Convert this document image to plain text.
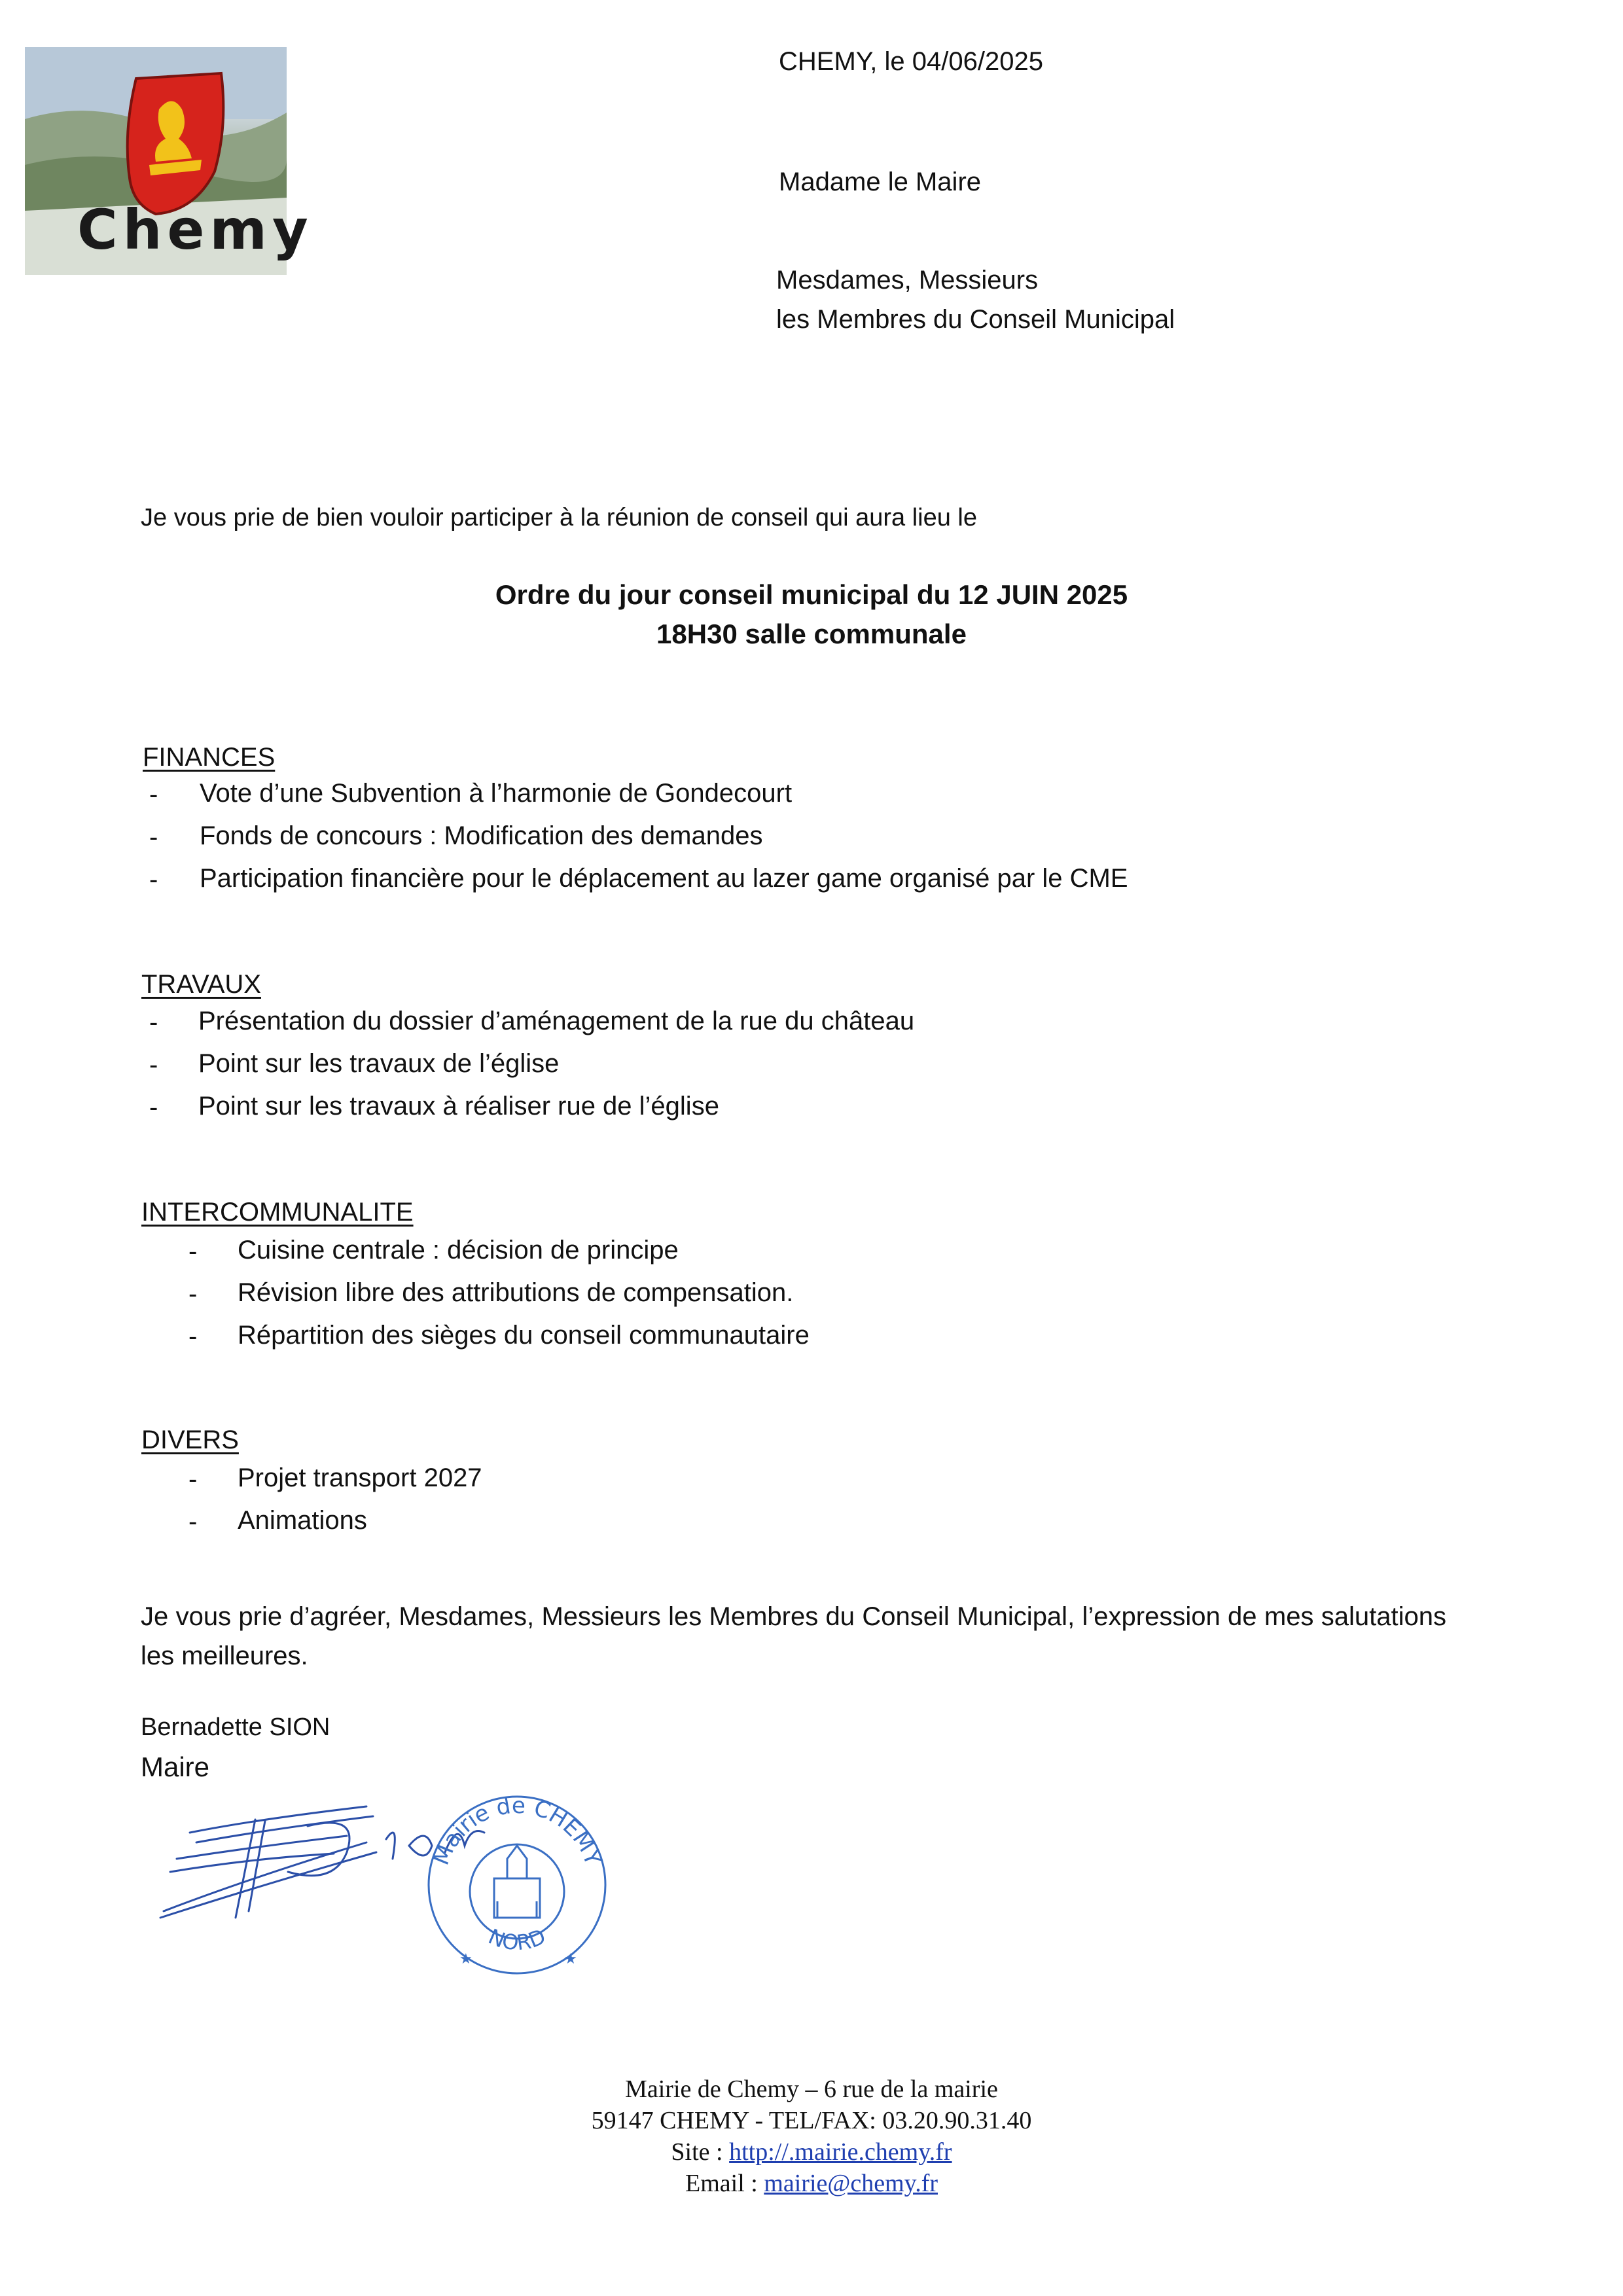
Chemy
CHEMY, le 04/06/2025
Madame le Maire
Mesdames, Messieurs
les Membres du Conseil Municipal
Je vous prie de bien vouloir participer à la réunion de conseil qui aura lieu le
Ordre du jour conseil municipal du 12 JUIN 2025
18H30 salle communale
FINANCES
- Vote d’une Subvention à l’harmonie de Gondecourt
- Fonds de concours : Modification des demandes
- Participation financière pour le déplacement au lazer game organisé par le CME
TRAVAUX
- Présentation du dossier d’aménagement de la rue du château
- Point sur les travaux de l’église
- Point sur les travaux à réaliser rue de l’église
INTERCOMMUNALITE
- Cuisine centrale : décision de principe
- Révision libre des attributions de compensation.
- Répartition des sièges du conseil communautaire
DIVERS
- Projet transport 2027
- Animations
Je vous prie d’agréer, Mesdames, Messieurs les Membres du Conseil Municipal, l’expression de mes salutations les meilleures.
Bernadette SION
Maire
Mairie de CHEMY
NORD
★	★
Mairie de Chemy – 6 rue de la mairie
59147 CHEMY - TEL/FAX: 03.20.90.31.40
Site : http://.mairie.chemy.fr
Email : mairie@chemy.fr
